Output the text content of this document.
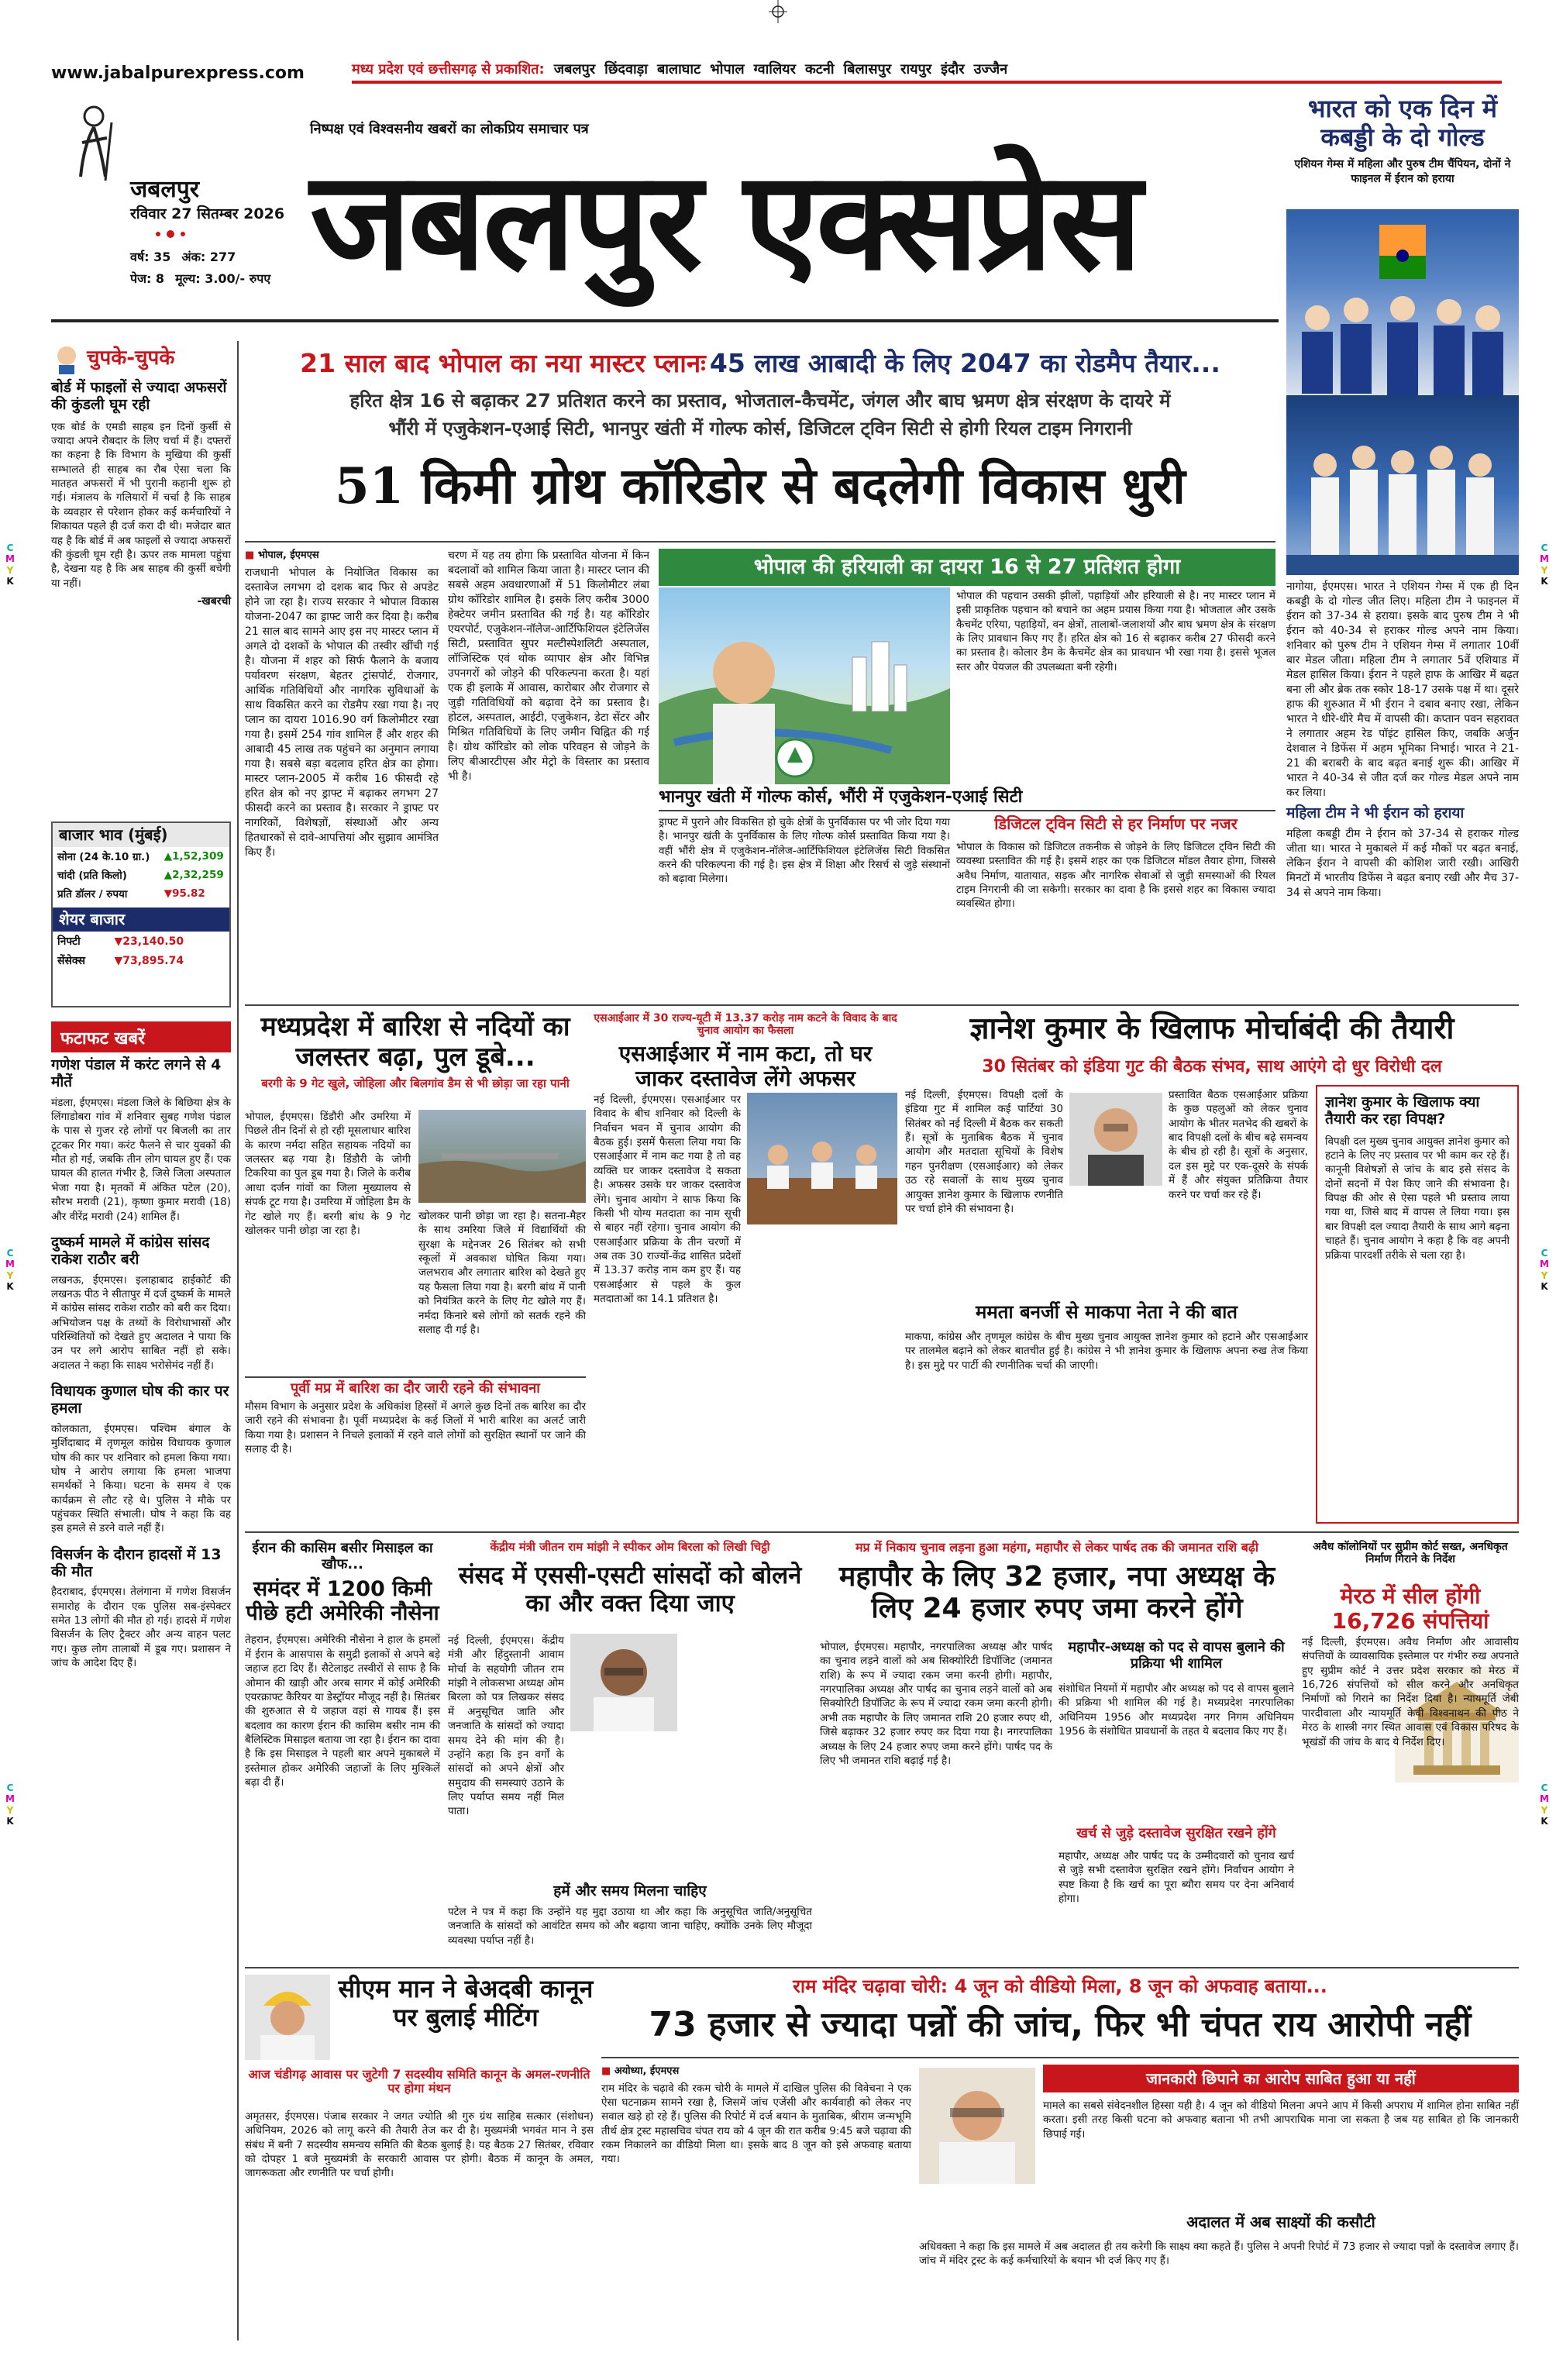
C
M
Y
K
C
M
Y
K
C
M
Y
K
C
M
Y
K
C
M
Y
K
C
M
Y
K
www.jabalpurexpress.com	मध्य प्रदेश एवं छत्तीसगढ़ से प्रकाशित: जबलपुर छिंदवाड़ा बालाघाट भोपाल ग्वालियर कटनी बिलासपुर रायपुर इंदौर उज्जैन
जबलपुर
रविवार 27 सितम्बर 2026
वर्ष: 35 अंक: 277
पेज: 8 मूल्य: 3.00/- रुपए
निष्पक्ष एवं विश्वसनीय खबरों का लोकप्रिय समाचार पत्र
जबलपुर एक्सप्रेस
भारत को एक दिन में कबड्डी के दो गोल्ड
एशियन गेम्स में महिला और पुरुष टीम चैंपियन, दोनों ने फाइनल में ईरान को हराया

नागोया, ईएमएस। भारत ने एशियन गेम्स में एक ही दिन कबड्डी के दो गोल्ड जीत लिए। महिला टीम ने फाइनल में ईरान को 37-34 से हराया। इसके बाद पुरुष टीम ने भी ईरान को 40-34 से हराकर गोल्ड अपने नाम किया। शनिवार को पुरुष टीम ने एशियन गेम्स में लगातार 10वीं बार मेडल जीता। महिला टीम ने लगातार 5वें एशियाड में मेडल हासिल किया। ईरान ने पहले हाफ के आखिर में बढ़त बना ली और ब्रेक तक स्कोर 18-17 उसके पक्ष में था। दूसरे हाफ की शुरुआत में भी ईरान ने दबाव बनाए रखा, लेकिन भारत ने धीरे-धीरे मैच में वापसी की। कप्तान पवन सहरावत ने लगातार अहम रेड पॉइंट हासिल किए, जबकि अर्जुन देशवाल ने डिफेंस में अहम भूमिका निभाई। भारत ने 21-21 की बराबरी के बाद बढ़त बनाई शुरू की। आखिर में भारत ने 40-34 से जीत दर्ज कर गोल्ड मेडल अपने नाम कर लिया।

महिला टीम ने भी ईरान को हराया

महिला कबड्डी टीम ने ईरान को 37-34 से हराकर गोल्ड जीता था। भारत ने मुकाबले में कई मौकों पर बढ़त बनाई, लेकिन ईरान ने वापसी की कोशिश जारी रखी। आखिरी मिनटों में भारतीय डिफेंस ने बढ़त बनाए रखी और मैच 37-34 से अपने नाम किया।

चुपके-चुपके
बोर्ड में फाइलों से ज्यादा अफसरों की कुंडली घूम रही
एक बोर्ड के एमडी साहब इन दिनों कुर्सी से ज्यादा अपने रौबदार के लिए चर्चा में हैं। दफ्तरों का कहना है कि विभाग के मुखिया की कुर्सी सम्भालते ही साहब का रौब ऐसा चला कि मातहत अफसरों में भी पुरानी कहानी शुरू हो गई। मंत्रालय के गलियारों में चर्चा है कि साहब के व्यवहार से परेशान होकर कई कर्मचारियों ने शिकायत पहले ही दर्ज करा दी थी। मजेदार बात यह है कि बोर्ड में अब फाइलों से ज्यादा अफसरों की कुंडली घूम रही है। ऊपर तक मामला पहुंचा है, देखना यह है कि अब साहब की कुर्सी बचेगी या नहीं।
-खबरची
बाजार भाव (मुंबई)
सोना (24 के.10 ग्रा.)	▲1,52,309
चांदी (प्रति किलो)	▲2,32,259
प्रति डॉलर / रुपया	▼95.82
शेयर बाजार
निफ्टी	▼23,140.50
सेंसेक्स	▼73,895.74
फटाफट खबरें
गणेश पंडाल में करंट लगने से 4 मौतें
मंडला, ईएमएस। मंडला जिले के बिछिया क्षेत्र के लिंगाडोबरा गांव में शनिवार सुबह गणेश पंडाल के पास से गुजर रहे लोगों पर बिजली का तार टूटकर गिर गया। करंट फैलने से चार युवकों की मौत हो गई, जबकि तीन लोग घायल हुए हैं। एक घायल की हालत गंभीर है, जिसे जिला अस्पताल भेजा गया है। मृतकों में अंकित पटेल (20), सौरभ मरावी (21), कृष्णा कुमार मरावी (18) और वीरेंद्र मरावी (24) शामिल हैं।
दुष्कर्म मामले में कांग्रेस सांसद राकेश राठौर बरी
लखनऊ, ईएमएस। इलाहाबाद हाईकोर्ट की लखनऊ पीठ ने सीतापुर में दर्ज दुष्कर्म के मामले में कांग्रेस सांसद राकेश राठौर को बरी कर दिया। अभियोजन पक्ष के तथ्यों के विरोधाभासों और परिस्थितियों को देखते हुए अदालत ने पाया कि उन पर लगे आरोप साबित नहीं हो सके। अदालत ने कहा कि साक्ष्य भरोसेमंद नहीं हैं।
विधायक कुणाल घोष की कार पर हमला
कोलकाता, ईएमएस। पश्चिम बंगाल के मुर्शिदाबाद में तृणमूल कांग्रेस विधायक कुणाल घोष की कार पर शनिवार को हमला किया गया। घोष ने आरोप लगाया कि हमला भाजपा समर्थकों ने किया। घटना के समय वे एक कार्यक्रम से लौट रहे थे। पुलिस ने मौके पर पहुंचकर स्थिति संभाली। घोष ने कहा कि वह इस हमले से डरने वाले नहीं हैं।
विसर्जन के दौरान हादसों में 13 की मौत
हैदराबाद, ईएमएस। तेलंगाना में गणेश विसर्जन समारोह के दौरान एक पुलिस सब-इंस्पेक्टर समेत 13 लोगों की मौत हो गई। हादसे में गणेश विसर्जन के लिए ट्रैक्टर और अन्य वाहन पलट गए। कुछ लोग तालाबों में डूब गए। प्रशासन ने जांच के आदेश दिए हैं।
21 साल बाद भोपाल का नया मास्टर प्लानः 45 लाख आबादी के लिए 2047 का रोडमैप तैयार...
हरित क्षेत्र 16 से बढ़ाकर 27 प्रतिशत करने का प्रस्ताव, भोजताल-कैचमेंट, जंगल और बाघ भ्रमण क्षेत्र संरक्षण के दायरे में
भौंरी में एजुकेशन-एआई सिटी, भानपुर खंती में गोल्फ कोर्स, डिजिटल ट्विन सिटी से होगी रियल टाइम निगरानी
51 किमी ग्रोथ कॉरिडोर से बदलेगी विकास धुरी
■ भोपाल, ईएमएस

राजधानी भोपाल के नियोजित विकास का दस्तावेज लगभग दो दशक बाद फिर से अपडेट होने जा रहा है। राज्य सरकार ने भोपाल विकास योजना-2047 का ड्राफ्ट जारी कर दिया है। करीब 21 साल बाद सामने आए इस नए मास्टर प्लान में अगले दो दशकों के भोपाल की तस्वीर खींची गई है। योजना में शहर को सिर्फ फैलाने के बजाय पर्यावरण संरक्षण, बेहतर ट्रांसपोर्ट, रोजगार, आर्थिक गतिविधियों और नागरिक सुविधाओं के साथ विकसित करने का रोडमैप रखा गया है। नए प्लान का दायरा 1016.90 वर्ग किलोमीटर रखा गया है। इसमें 254 गांव शामिल हैं और शहर की आबादी 45 लाख तक पहुंचने का अनुमान लगाया गया है। सबसे बड़ा बदलाव हरित क्षेत्र का होगा। मास्टर प्लान-2005 में करीब 16 फीसदी रहे हरित क्षेत्र को नए ड्राफ्ट में बढ़ाकर लगभग 27 फीसदी करने का प्रस्ताव है। सरकार ने ड्राफ्ट पर नागरिकों, विशेषज्ञों, संस्थाओं और अन्य हितधारकों से दावे-आपत्तियां और सुझाव आमंत्रित किए हैं।

चरण में यह तय होगा कि प्रस्तावित योजना में किन बदलावों को शामिल किया जाता है। मास्टर प्लान की सबसे अहम अवधारणाओं में 51 किलोमीटर लंबा ग्रोथ कॉरिडोर शामिल है। इसके लिए करीब 3000 हेक्टेयर जमीन प्रस्तावित की गई है। यह कॉरिडोर एयरपोर्ट, एजुकेशन-नॉलेज-आर्टिफिशियल इंटेलिजेंस सिटी, प्रस्तावित सुपर मल्टीस्पेशलिटी अस्पताल, लॉजिस्टिक एवं थोक व्यापार क्षेत्र और विभिन्न उपनगरों को जोड़ने की परिकल्पना करता है। यहां एक ही इलाके में आवास, कारोबार और रोजगार से जुड़ी गतिविधियों को बढ़ावा देने का प्रस्ताव है। होटल, अस्पताल, आईटी, एजुकेशन, डेटा सेंटर और मिश्रित गतिविधियों के लिए जमीन चिह्नित की गई है। ग्रोथ कॉरिडोर को लोक परिवहन से जोड़ने के लिए बीआरटीएस और मेट्रो के विस्तार का प्रस्ताव भी है।
भोपाल की हरियाली का दायरा 16 से 27 प्रतिशत होगा
भोपाल की पहचान उसकी झीलों, पहाड़ियों और हरियाली से है। नए मास्टर प्लान में इसी प्राकृतिक पहचान को बचाने का अहम प्रयास किया गया है। भोजताल और उसके कैचमेंट एरिया, पहाड़ियों, वन क्षेत्रों, तालाबों-जलाशयों और बाघ भ्रमण क्षेत्र के संरक्षण के लिए प्रावधान किए गए हैं। हरित क्षेत्र को 16 से बढ़ाकर करीब 27 फीसदी करने का प्रस्ताव है। कोलार डैम के कैचमेंट क्षेत्र का प्रावधान भी रखा गया है। इससे भूजल स्तर और पेयजल की उपलब्धता बनी रहेगी।
भानपुर खंती में गोल्फ कोर्स, भौंरी में एजुकेशन-एआई सिटी
ड्राफ्ट में पुराने और विकसित हो चुके क्षेत्रों के पुनर्विकास पर भी जोर दिया गया है। भानपुर खंती के पुनर्विकास के लिए गोल्फ कोर्स प्रस्तावित किया गया है। वहीं भौंरी क्षेत्र में एजुकेशन-नॉलेज-आर्टिफिशियल इंटेलिजेंस सिटी विकसित करने की परिकल्पना की गई है। इस क्षेत्र में शिक्षा और रिसर्च से जुड़े संस्थानों को बढ़ावा मिलेगा।
डिजिटल ट्विन सिटी से हर निर्माण पर नजर
भोपाल के विकास को डिजिटल तकनीक से जोड़ने के लिए डिजिटल ट्विन सिटी की व्यवस्था प्रस्तावित की गई है। इसमें शहर का एक डिजिटल मॉडल तैयार होगा, जिससे अवैध निर्माण, यातायात, सड़क और नागरिक सेवाओं से जुड़ी समस्याओं की रियल टाइम निगरानी की जा सकेगी। सरकार का दावा है कि इससे शहर का विकास ज्यादा व्यवस्थित होगा।
मध्यप्रदेश में बारिश से नदियों का जलस्तर बढ़ा, पुल डूबे...
बरगी के 9 गेट खुले, जोहिला और बिलगांव डैम से भी छोड़ा जा रहा पानी
भोपाल, ईएमएस। डिंडौरी और उमरिया में पिछले तीन दिनों से हो रही मूसलाधार बारिश के कारण नर्मदा सहित सहायक नदियों का जलस्तर बढ़ गया है। डिंडौरी के जोगी टिकरिया का पुल डूब गया है। जिले के करीब आधा दर्जन गांवों का जिला मुख्यालय से संपर्क टूट गया है। उमरिया में जोहिला डैम के गेट खोले गए हैं। बरगी बांध के 9 गेट खोलकर पानी छोड़ा जा रहा है।
खोलकर पानी छोड़ा जा रहा है। सतना-मैहर के साथ उमरिया जिले में विद्यार्थियों की सुरक्षा के मद्देनजर 26 सितंबर को सभी स्कूलों में अवकाश घोषित किया गया। जलभराव और लगातार बारिश को देखते हुए यह फैसला लिया गया है। बरगी बांध में पानी को नियंत्रित करने के लिए गेट खोले गए हैं। नर्मदा किनारे बसे लोगों को सतर्क रहने की सलाह दी गई है।
पूर्वी मप्र में बारिश का दौर जारी रहने की संभावना
मौसम विभाग के अनुसार प्रदेश के अधिकांश हिस्सों में अगले कुछ दिनों तक बारिश का दौर जारी रहने की संभावना है। पूर्वी मध्यप्रदेश के कई जिलों में भारी बारिश का अलर्ट जारी किया गया है। प्रशासन ने निचले इलाकों में रहने वाले लोगों को सुरक्षित स्थानों पर जाने की सलाह दी है।
एसआईआर में 30 राज्य-यूटी में 13.37 करोड़ नाम कटने के विवाद के बाद चुनाव आयोग का फैसला
एसआईआर में नाम कटा, तो घर जाकर दस्तावेज लेंगे अफसर
नई दिल्ली, ईएमएस। एसआईआर पर विवाद के बीच शनिवार को दिल्ली के निर्वाचन भवन में चुनाव आयोग की बैठक हुई। इसमें फैसला लिया गया कि एसआईआर में नाम कट गया है तो वह व्यक्ति घर जाकर दस्तावेज दे सकता है। अफसर उसके घर जाकर दस्तावेज लेंगे। चुनाव आयोग ने साफ किया कि किसी भी योग्य मतदाता का नाम सूची से बाहर नहीं रहेगा। चुनाव आयोग की एसआईआर प्रक्रिया के तीन चरणों में अब तक 30 राज्यों-केंद्र शासित प्रदेशों में 13.37 करोड़ नाम कम हुए हैं। यह एसआईआर से पहले के कुल मतदाताओं का 14.1 प्रतिशत है।
ज्ञानेश कुमार के खिलाफ मोर्चाबंदी की तैयारी
30 सितंबर को इंडिया गुट की बैठक संभव, साथ आएंगे दो धुर विरोधी दल
नई दिल्ली, ईएमएस। विपक्षी दलों के इंडिया गुट में शामिल कई पार्टियां 30 सितंबर को नई दिल्ली में बैठक कर सकती हैं। सूत्रों के मुताबिक बैठक में चुनाव आयोग और मतदाता सूचियों के विशेष गहन पुनरीक्षण (एसआईआर) को लेकर उठ रहे सवालों के साथ मुख्य चुनाव आयुक्त ज्ञानेश कुमार के खिलाफ रणनीति पर चर्चा होने की संभावना है।
प्रस्तावित बैठक एसआईआर प्रक्रिया के कुछ पहलुओं को लेकर चुनाव आयोग के भीतर मतभेद की खबरों के बाद विपक्षी दलों के बीच बढ़े समन्वय के बीच हो रही है। सूत्रों के अनुसार, दल इस मुद्दे पर एक-दूसरे के संपर्क में हैं और संयुक्त प्रतिक्रिया तैयार करने पर चर्चा कर रहे हैं।
ममता बनर्जी से माकपा नेता ने की बात
माकपा, कांग्रेस और तृणमूल कांग्रेस के बीच मुख्य चुनाव आयुक्त ज्ञानेश कुमार को हटाने और एसआईआर पर तालमेल बढ़ाने को लेकर बातचीत हुई है। कांग्रेस ने भी ज्ञानेश कुमार के खिलाफ अपना रुख तेज किया है। इस मुद्दे पर पार्टी की रणनीतिक चर्चा की जाएगी।
ज्ञानेश कुमार के खिलाफ क्या तैयारी कर रहा विपक्ष?
विपक्षी दल मुख्य चुनाव आयुक्त ज्ञानेश कुमार को हटाने के लिए नए प्रस्ताव पर भी काम कर रहे हैं। कानूनी विशेषज्ञों से जांच के बाद इसे संसद के दोनों सदनों में पेश किए जाने की संभावना है। विपक्ष की ओर से ऐसा पहले भी प्रस्ताव लाया गया था, जिसे बाद में वापस ले लिया गया। इस बार विपक्षी दल ज्यादा तैयारी के साथ आगे बढ़ना चाहते हैं। चुनाव आयोग ने कहा है कि वह अपनी प्रक्रिया पारदर्शी तरीके से चला रहा है।
ईरान की कासिम बसीर मिसाइल का खौफ...
समंदर में 1200 किमी पीछे हटी अमेरिकी नौसेना
तेहरान, ईएमएस। अमेरिकी नौसेना ने हाल के हमलों में ईरान के आसपास के समुद्री इलाकों से अपने बड़े जहाज हटा दिए हैं। सैटेलाइट तस्वीरों से साफ है कि ओमान की खाड़ी और अरब सागर में कोई अमेरिकी एयरक्राफ्ट कैरियर या डेस्ट्रॉयर मौजूद नहीं है। सितंबर की शुरुआत से ये जहाज वहां से गायब हैं। इस बदलाव का कारण ईरान की कासिम बसीर नाम की बैलिस्टिक मिसाइल बताया जा रहा है। ईरान का दावा है कि इस मिसाइल ने पहली बार अपने मुकाबले में इस्तेमाल होकर अमेरिकी जहाजों के लिए मुश्किलें बढ़ा दी हैं।
केंद्रीय मंत्री जीतन राम मांझी ने स्पीकर ओम बिरला को लिखी चिट्ठी
संसद में एससी-एसटी सांसदों को बोलने का और वक्त दिया जाए
नई दिल्ली, ईएमएस। केंद्रीय मंत्री और हिंदुस्तानी आवाम मोर्चा के सहयोगी जीतन राम मांझी ने लोकसभा अध्यक्ष ओम बिरला को पत्र लिखकर संसद में अनुसूचित जाति और जनजाति के सांसदों को ज्यादा समय देने की मांग की है। उन्होंने कहा कि इन वर्गों के सांसदों को अपने क्षेत्रों और समुदाय की समस्याएं उठाने के लिए पर्याप्त समय नहीं मिल पाता।
हमें और समय मिलना चाहिए
पटेल ने पत्र में कहा कि उन्होंने यह मुद्दा उठाया था और कहा कि अनुसूचित जाति/अनुसूचित जनजाति के सांसदों को आवंटित समय को और बढ़ाया जाना चाहिए, क्योंकि उनके लिए मौजूदा व्यवस्था पर्याप्त नहीं है।
मप्र में निकाय चुनाव लड़ना हुआ महंगा, महापौर से लेकर पार्षद तक की जमानत राशि बढ़ी
महापौर के लिए 32 हजार, नपा अध्यक्ष के लिए 24 हजार रुपए जमा करने होंगे
भोपाल, ईएमएस। महापौर, नगरपालिका अध्यक्ष और पार्षद का चुनाव लड़ने वालों को अब सिक्योरिटी डिपॉजिट (जमानत राशि) के रूप में ज्यादा रकम जमा करनी होगी। महापौर, नगरपालिका अध्यक्ष और पार्षद का चुनाव लड़ने वालों को अब सिक्योरिटी डिपॉजिट के रूप में ज्यादा रकम जमा करनी होगी। अभी तक महापौर के लिए जमानत राशि 20 हजार रुपए थी, जिसे बढ़ाकर 32 हजार रुपए कर दिया गया है। नगरपालिका अध्यक्ष के लिए 24 हजार रुपए जमा करने होंगे। पार्षद पद के लिए भी जमानत राशि बढ़ाई गई है।
महापौर-अध्यक्ष को पद से वापस बुलाने की प्रक्रिया भी शामिल
संशोधित नियमों में महापौर और अध्यक्ष को पद से वापस बुलाने की प्रक्रिया भी शामिल की गई है। मध्यप्रदेश नगरपालिका अधिनियम 1956 और मध्यप्रदेश नगर निगम अधिनियम 1956 के संशोधित प्रावधानों के तहत ये बदलाव किए गए हैं।
खर्च से जुड़े दस्तावेज सुरक्षित रखने होंगे
महापौर, अध्यक्ष और पार्षद पद के उम्मीदवारों को चुनाव खर्च से जुड़े सभी दस्तावेज सुरक्षित रखने होंगे। निर्वाचन आयोग ने स्पष्ट किया है कि खर्च का पूरा ब्यौरा समय पर देना अनिवार्य होगा।
अवैध कॉलोनियों पर सुप्रीम कोर्ट सख्त, अनधिकृत निर्माण गिराने के निर्देश
मेरठ में सील होंगी 16,726 संपत्तियां
नई दिल्ली, ईएमएस। अवैध निर्माण और आवासीय संपत्तियों के व्यावसायिक इस्तेमाल पर गंभीर रुख अपनाते हुए सुप्रीम कोर्ट ने उत्तर प्रदेश सरकार को मेरठ में 16,726 संपत्तियों को सील करने और अनधिकृत निर्माणों को गिराने का निर्देश दिया है। न्यायमूर्ति जेबी पारदीवाला और न्यायमूर्ति केवी विश्वनाथन की पीठ ने मेरठ के शास्त्री नगर स्थित आवास एवं विकास परिषद के भूखंडों की जांच के बाद ये निर्देश दिए।
सीएम मान ने बेअदबी कानून पर बुलाई मीटिंग
आज चंडीगढ़ आवास पर जुटेगी 7 सदस्यीय समिति कानून के अमल-रणनीति पर होगा मंथन
अमृतसर, ईएमएस। पंजाब सरकार ने जगत ज्योति श्री गुरु ग्रंथ साहिब सत्कार (संशोधन) अधिनियम, 2026 को लागू करने की तैयारी तेज कर दी है। मुख्यमंत्री भगवंत मान ने इस संबंध में बनी 7 सदस्यीय समन्वय समिति की बैठक बुलाई है। यह बैठक 27 सितंबर, रविवार को दोपहर 1 बजे मुख्यमंत्री के सरकारी आवास पर होगी। बैठक में कानून के अमल, जागरूकता और रणनीति पर चर्चा होगी।
राम मंदिर चढ़ावा चोरी: 4 जून को वीडियो मिला, 8 जून को अफवाह बताया...
73 हजार से ज्यादा पन्नों की जांच, फिर भी चंपत राय आरोपी नहीं
■ अयोध्या, ईएमएस

राम मंदिर के चढ़ावे की रकम चोरी के मामले में दाखिल पुलिस की विवेचना ने एक ऐसा घटनाक्रम सामने रखा है, जिसमें जांच एजेंसी और कार्यवाही को लेकर नए सवाल खड़े हो रहे हैं। पुलिस की रिपोर्ट में दर्ज बयान के मुताबिक, श्रीराम जन्मभूमि तीर्थ क्षेत्र ट्रस्ट महासचिव चंपत राय को 4 जून की रात करीब 9:45 बजे चढ़ावा की रकम निकालने का वीडियो मिला था। इसके बाद 8 जून को इसे अफवाह बताया गया।

जानकारी छिपाने का आरोप साबित हुआ या नहीं
मामले का सबसे संवेदनशील हिस्सा यही है। 4 जून को वीडियो मिलना अपने आप में किसी अपराध में शामिल होना साबित नहीं करता। इसी तरह किसी घटना को अफवाह बताना भी तभी आपराधिक माना जा सकता है जब यह साबित हो कि जानकारी छिपाई गई।
अदालत में अब साक्ष्यों की कसौटी
अधिवक्ता ने कहा कि इस मामले में अब अदालत ही तय करेगी कि साक्ष्य क्या कहते हैं। पुलिस ने अपनी रिपोर्ट में 73 हजार से ज्यादा पन्नों के दस्तावेज लगाए हैं। जांच में मंदिर ट्रस्ट के कई कर्मचारियों के बयान भी दर्ज किए गए हैं।
